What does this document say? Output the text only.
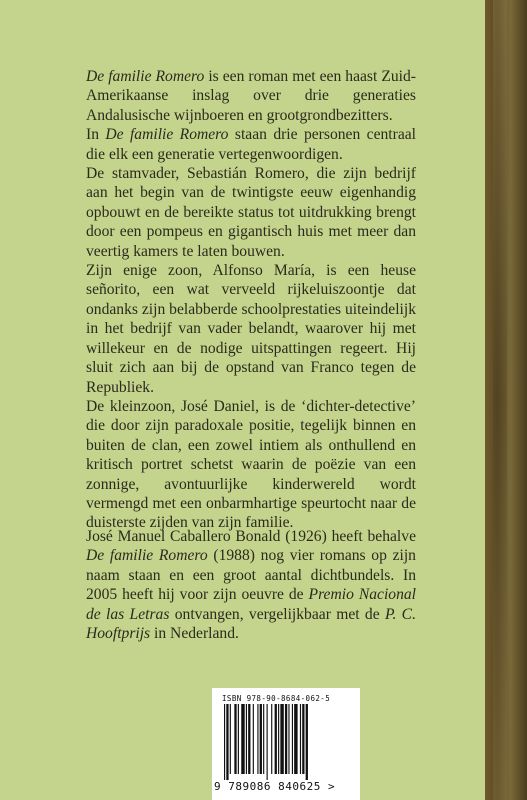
De familie Romero is een roman met een haast Zuid-Amerikaanse inslag over drie generaties Andalusische wijnboeren en grootgrondbezitters.

In De familie Romero staan drie personen centraal die elk een generatie vertegenwoordigen.

De stamvader, Sebastián Romero, die zijn bedrijf aan het begin van de twintigste eeuw eigenhandig opbouwt en de bereikte status tot uitdrukking brengt door een pompeus en gigantisch huis met meer dan veertig kamers te laten bouwen.

Zijn enige zoon, Alfonso María, is een heuse señorito, een wat verveeld rijkeluiszoontje dat ondanks zijn belabberde schoolprestaties uiteindelijk in het bedrijf van vader belandt, waarover hij met willekeur en de nodige uitspattingen regeert. Hij sluit zich aan bij de opstand van Franco tegen de Republiek.

De kleinzoon, José Daniel, is de ‘dichter-detective’ die door zijn paradoxale positie, tegelijk binnen en buiten de clan, een zowel intiem als onthullend en kritisch portret schetst waarin de poëzie van een zonnige, avontuurlijke kinderwereld wordt vermengd met een onbarmhartige speurtocht naar de duisterste zijden van zijn familie.

José Manuel Caballero Bonald (1926) heeft behalve De familie Romero (1988) nog vier romans op zijn naam staan en een groot aantal dichtbundels. In 2005 heeft hij voor zijn oeuvre de Premio Nacional de las Letras ontvangen, vergelijkbaar met de P. C. Hooftprijs in Nederland.

ISBN 978-90-8684-062-5
9 789086 840625 >
